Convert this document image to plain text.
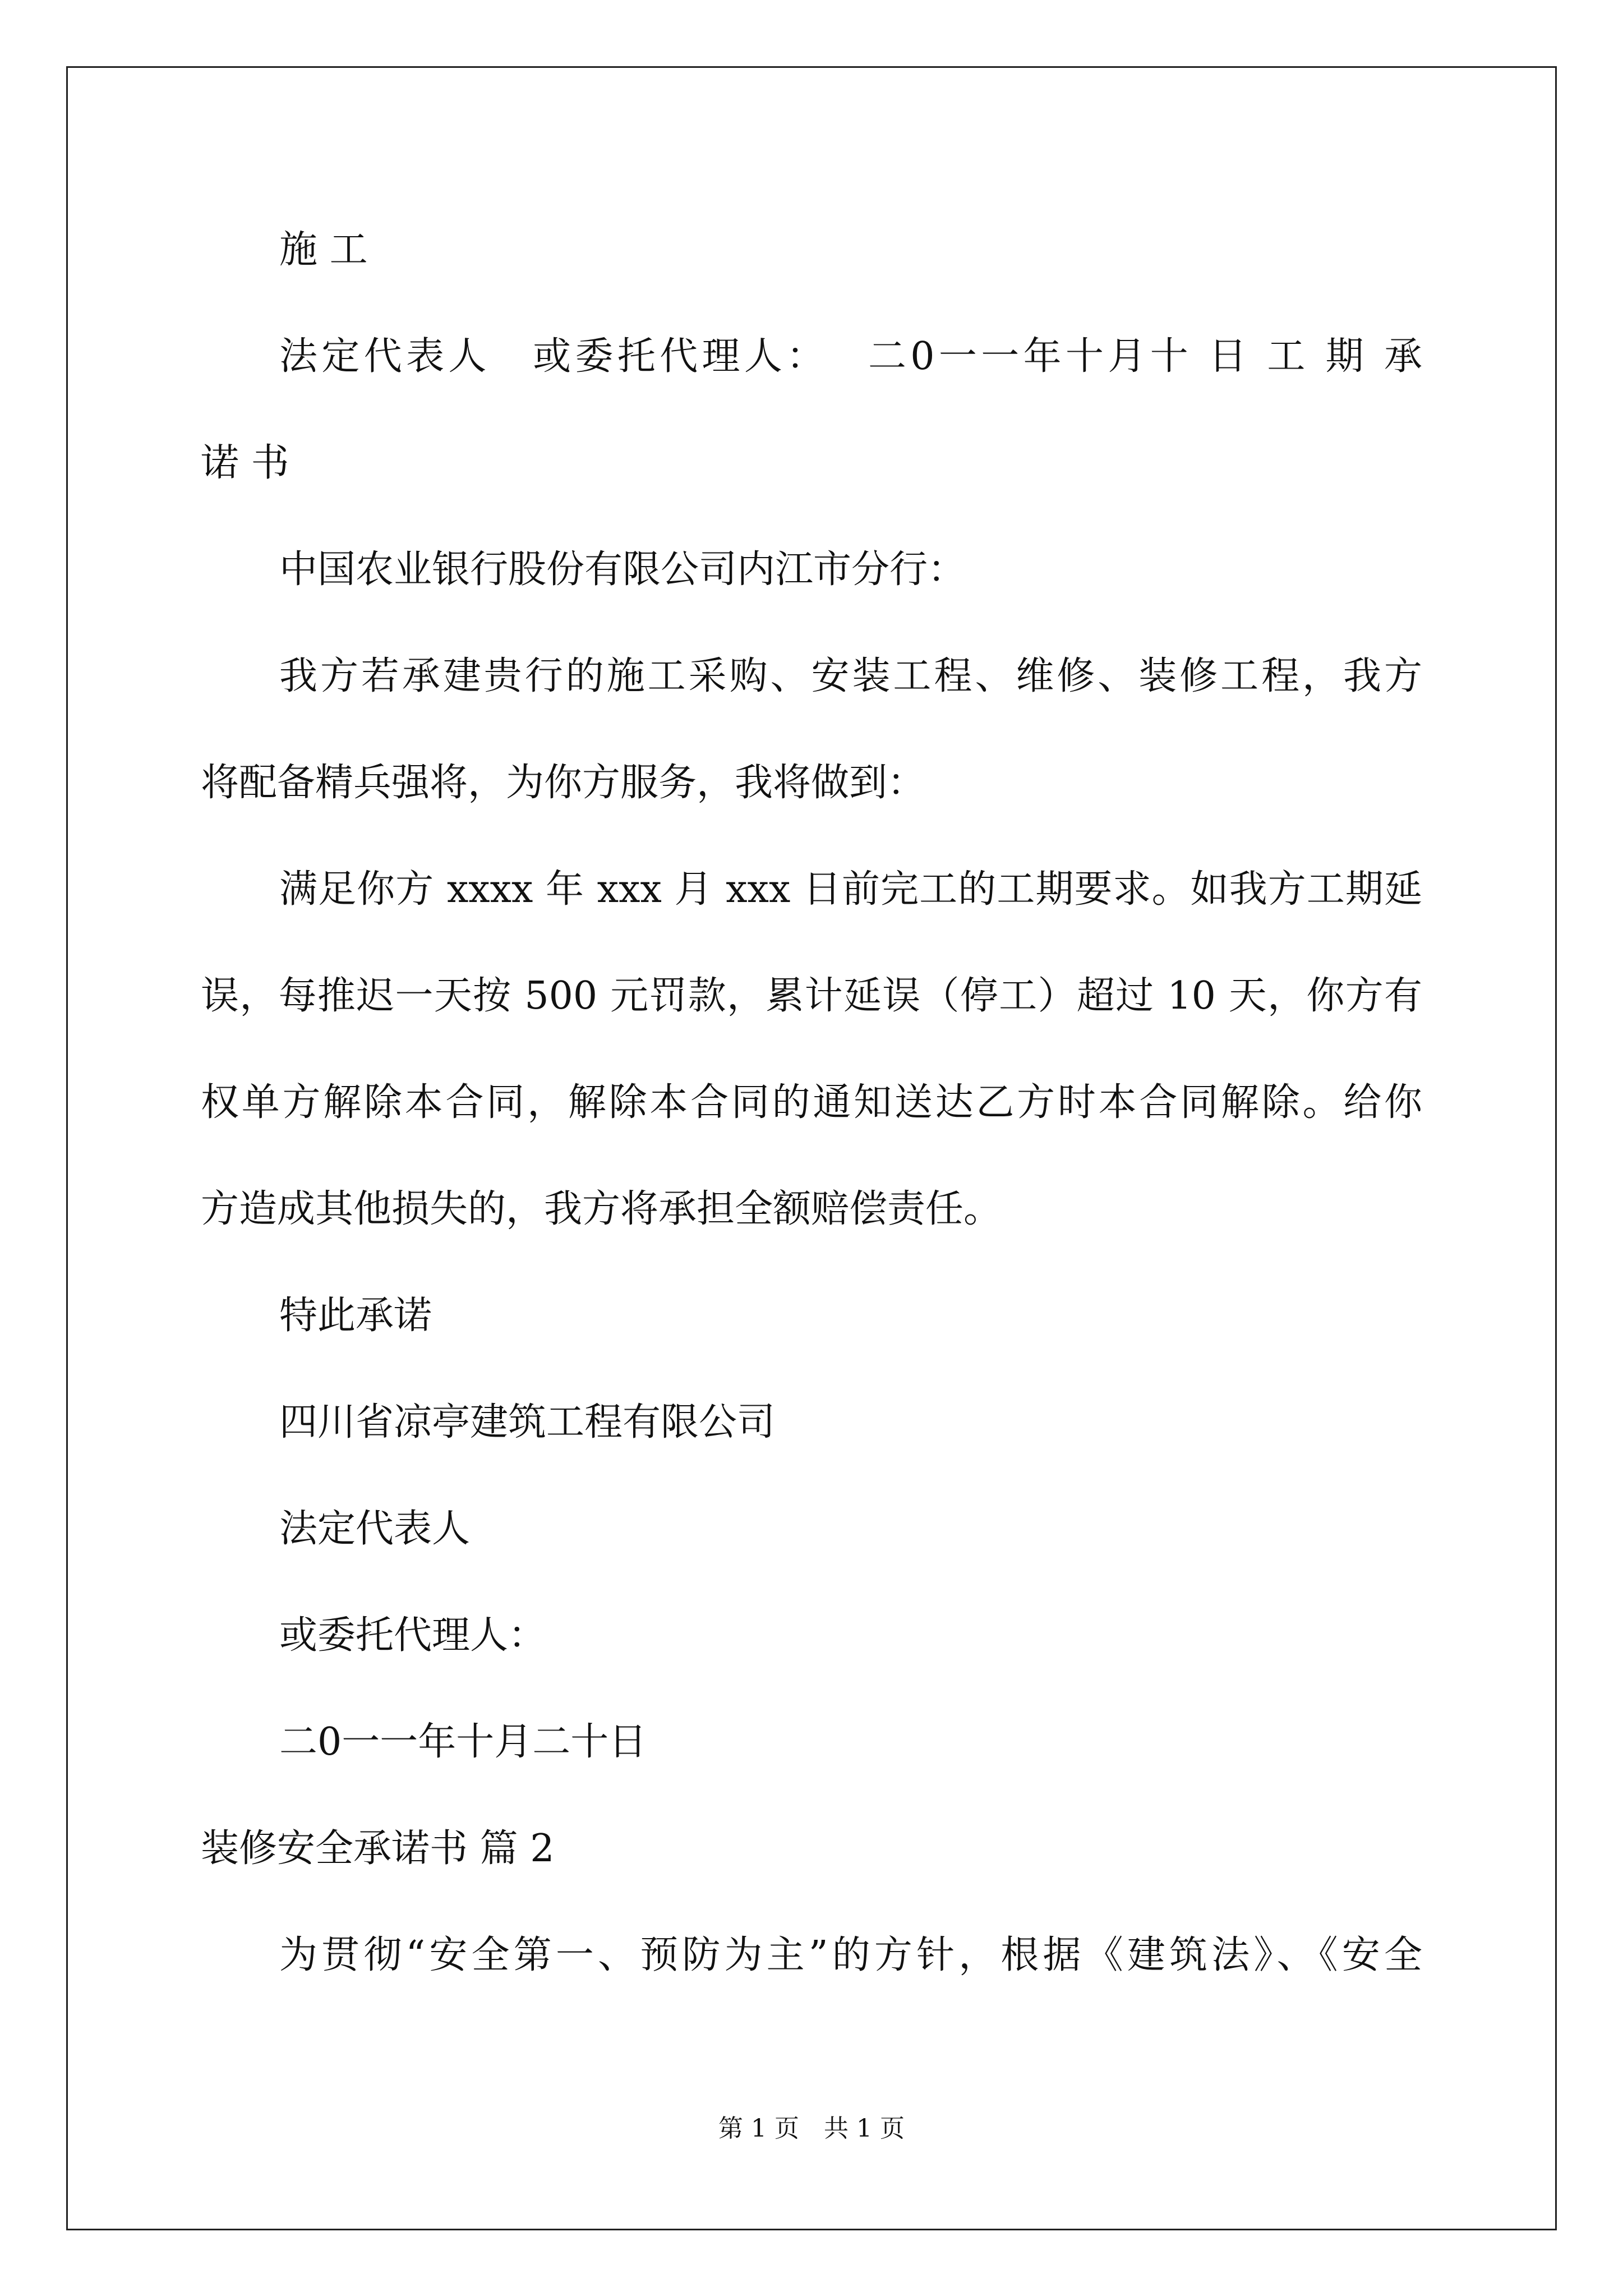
施 工
法定代表人　或委托代理人：　 二0一一年十月十 日 工 期 承
诺 书
中国农业银行股份有限公司内江市分行：
我方若承建贵行的施工采购、安装工程、维修、装修工程，我方
将配备精兵强将，为你方服务，我将做到：
满足你方 xxxx 年 xxx 月 xxx 日前完工的工期要求。如我方工期延
误，每推迟一天按 500 元罚款，累计延误（停工）超过 10 天，你方有
权单方解除本合同，解除本合同的通知送达乙方时本合同解除。给你
方造成其他损失的，我方将承担全额赔偿责任。
特此承诺
四川省凉亭建筑工程有限公司
法定代表人
或委托代理人：
二0一一年十月二十日
装修安全承诺书 篇 2
为贯彻“安全第一、预防为主”的方针，根据《建筑法》、《安全
第 1 页　共 1 页
